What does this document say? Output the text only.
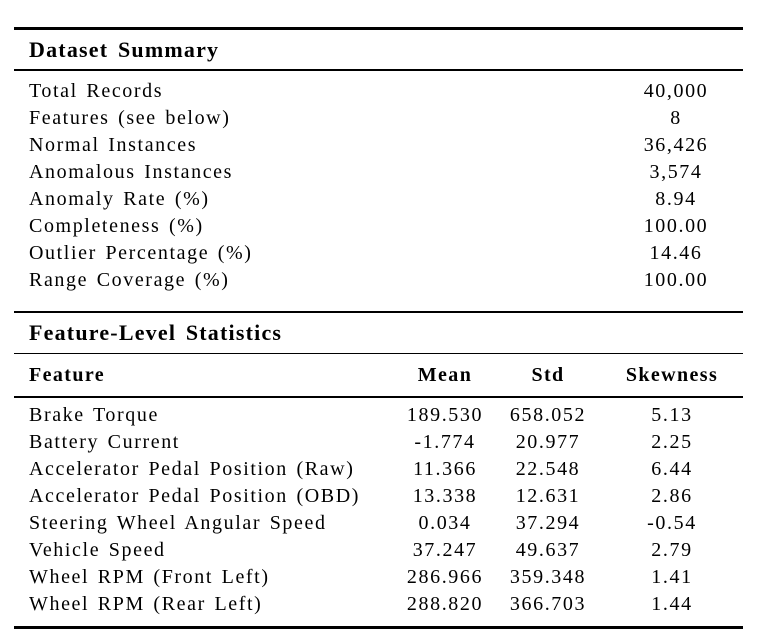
Dataset Summary
Total Records	40,000
Features (see below)	8
Normal Instances	36,426
Anomalous Instances	3,574
Anomaly Rate (%)	8.94
Completeness (%)	100.00
Outlier Percentage (%)	14.46
Range Coverage (%)	100.00
Feature-Level Statistics
Feature	Mean	Std	Skewness
Brake Torque	189.530	658.052	5.13
Battery Current	-1.774	20.977	2.25
Accelerator Pedal Position (Raw)	11.366	22.548	6.44
Accelerator Pedal Position (OBD)	13.338	12.631	2.86
Steering Wheel Angular Speed	0.034	37.294	-0.54
Vehicle Speed	37.247	49.637	2.79
Wheel RPM (Front Left)	286.966	359.348	1.41
Wheel RPM (Rear Left)	288.820	366.703	1.44
